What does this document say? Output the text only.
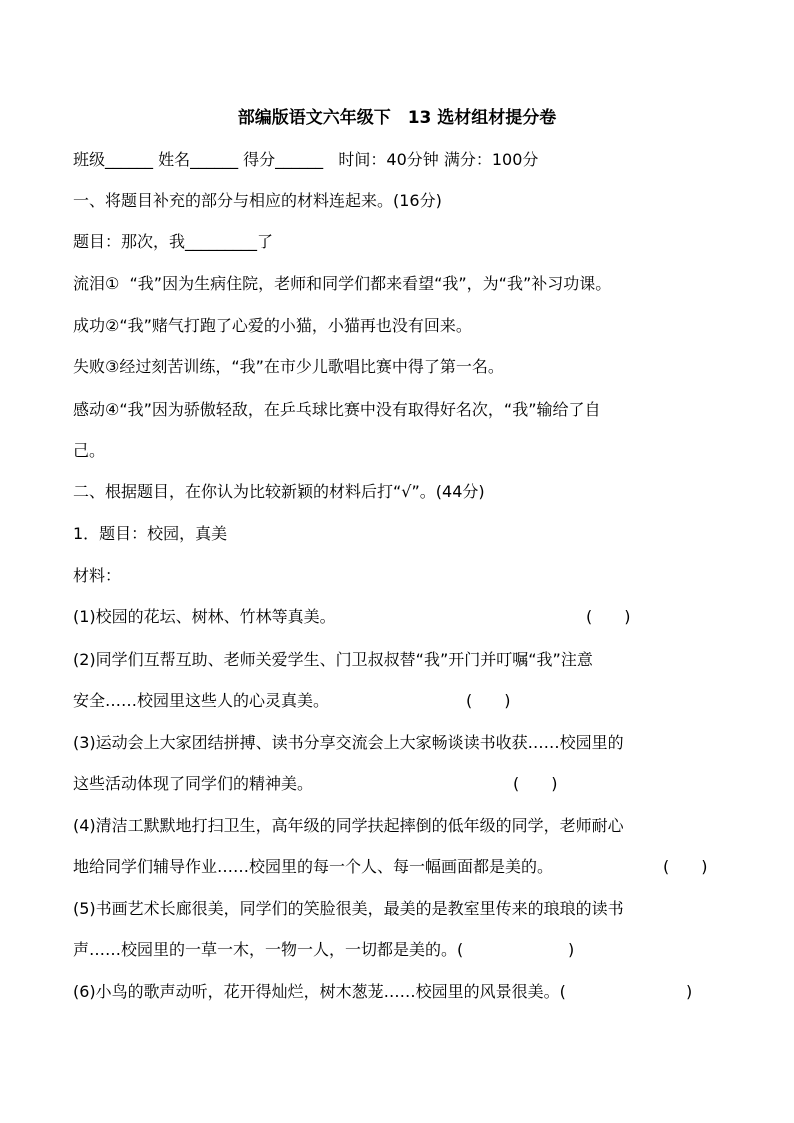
部编版语文六年级下　13 选材组材提分卷
班级______ 姓名______ 得分______   时间：40分钟 满分：100分
一、将题目补充的部分与相应的材料连起来。(16分)
题目：那次，我_________了
流泪①  “我”因为生病住院，老师和同学们都来看望“我”，为“我”补习功课。
成功②“我”赌气打跑了心爱的小猫，小猫再也没有回来。
失败③经过刻苦训练，“我”在市少儿歌唱比赛中得了第一名。
感动④“我”因为骄傲轻敌，在乒乓球比赛中没有取得好名次，“我”输给了自
己。
二、根据题目，在你认为比较新颖的材料后打“√”。(44分)
1．题目：校园，真美
材料：
(1)校园的花坛、树林、竹林等真美。	(　　)
(2)同学们互帮互助、老师关爱学生、门卫叔叔替“我”开门并叮嘱“我”注意
安全……校园里这些人的心灵真美。	(　　)
(3)运动会上大家团结拼搏、读书分享交流会上大家畅谈读书收获……校园里的
这些活动体现了同学们的精神美。	(　　)
(4)清洁工默默地打扫卫生，高年级的同学扶起摔倒的低年级的同学，老师耐心
地给同学们辅导作业……校园里的每一个人、每一幅画面都是美的。	(　　)
(5)书画艺术长廊很美，同学们的笑脸很美，最美的是教室里传来的琅琅的读书
声……校园里的一草一木，一物一人，一切都是美的。(	　　)
(6)小鸟的歌声动听，花开得灿烂，树木葱茏……校园里的风景很美。(	　　)
